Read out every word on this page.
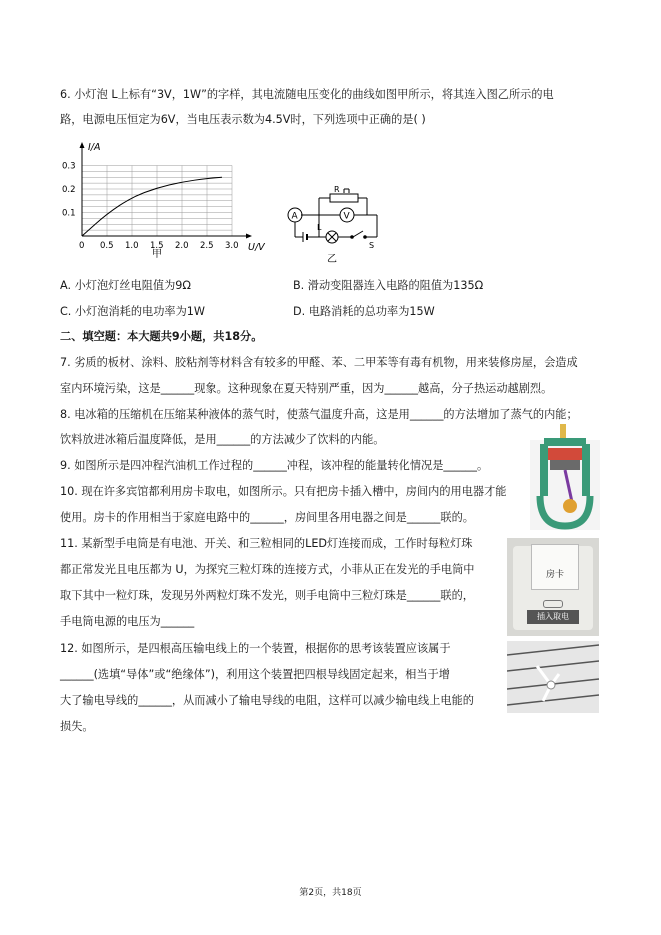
6. 小灯泡 L上标有“3V，1W”的字样，其电流随电压变化的曲线如图甲所示，将其连入图乙所示的电
路，电源电压恒定为6V，当电压表示数为4.5V时，下列选项中正确的是( )
I/A
U/V
0.3
0.2
0.1
0 0.5 1.0 1.5 2.0 2.5 3.0
甲
A	V
R
L
S
乙
A. 小灯泡灯丝电阻值为9Ω	B. 滑动变阻器连入电路的阻值为135Ω
C. 小灯泡消耗的电功率为1W	D. 电路消耗的总功率为15W
二、填空题：本大题共9小题，共18分。
7. 劣质的板材、涂料、胶粘剂等材料含有较多的甲醛、苯、二甲苯等有毒有机物，用来装修房屋，会造成
室内环境污染，这是______现象。这种现象在夏天特别严重，因为______越高，分子热运动越剧烈。
8. 电冰箱的压缩机在压缩某种液体的蒸气时，使蒸气温度升高，这是用______的方法增加了蒸气的内能；
饮料放进冰箱后温度降低，是用______的方法减少了饮料的内能。
9. 如图所示是四冲程汽油机工作过程的______冲程，该冲程的能量转化情况是______。
10. 现在许多宾馆都利用房卡取电，如图所示。只有把房卡插入槽中，房间内的用电器才能
使用。房卡的作用相当于家庭电路中的______，房间里各用电器之间是______联的。
房卡
插入取电
11. 某新型手电筒是有电池、开关、和三粒相同的LED灯连接而成，工作时每粒灯珠
都正常发光且电压都为 U，为探究三粒灯珠的连接方式，小菲从正在发光的手电筒中
取下其中一粒灯珠，发现另外两粒灯珠不发光，则手电筒中三粒灯珠是______联的，
手电筒电源的电压为______
12. 如图所示，是四根高压输电线上的一个装置，根据你的思考该装置应该属于
______(选填“导体”或“绝缘体”)，利用这个装置把四根导线固定起来，相当于增
大了输电导线的______，从而减小了输电导线的电阻，这样可以减少输电线上电能的
损失。
第2页，共18页
